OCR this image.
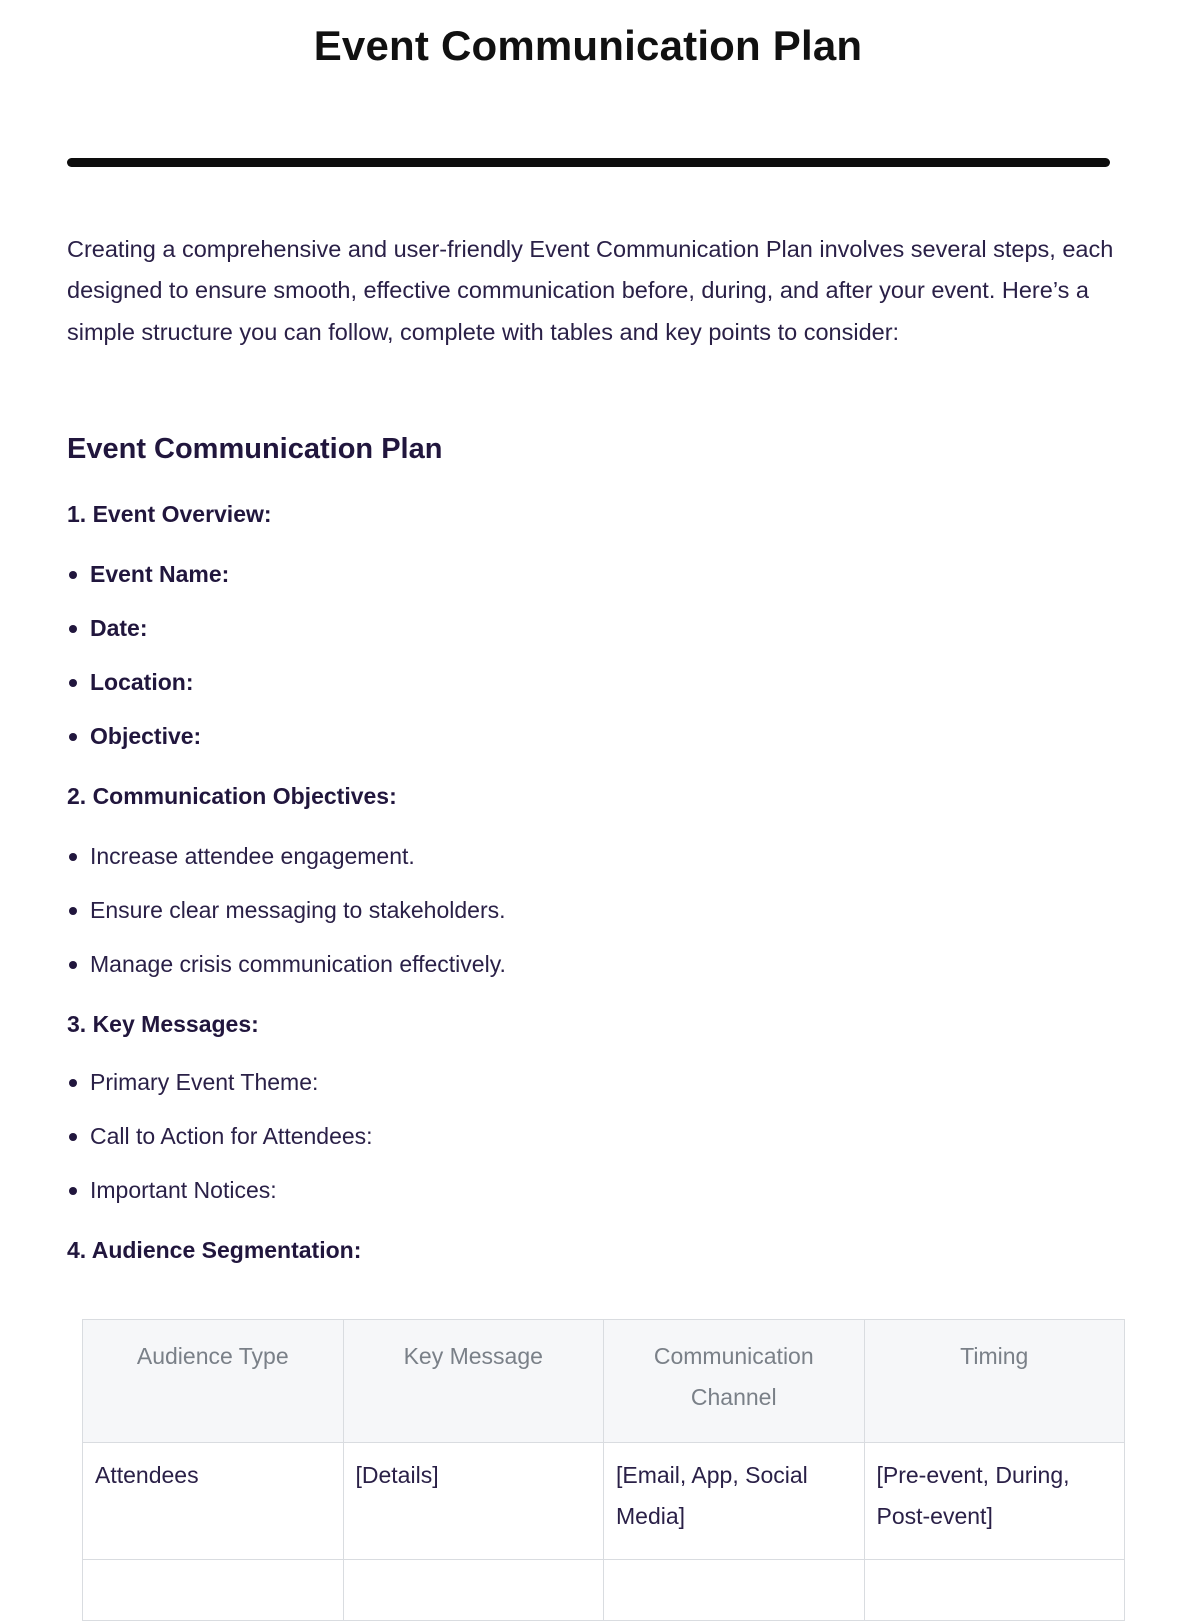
Event Communication Plan

Creating a comprehensive and user-friendly Event Communication Plan involves several steps, each designed to ensure smooth, effective communication before, during, and after your event. Here’s a simple structure you can follow, complete with tables and key points to consider:

Event Communication Plan
1. Event Overview:
Event Name:
Date:
Location:
Objective:
2. Communication Objectives:
Increase attendee engagement.
Ensure clear messaging to stakeholders.
Manage crisis communication effectively.
3. Key Messages:
Primary Event Theme:
Call to Action for Attendees:
Important Notices:
4. Audience Segmentation:
Audience Type	Key Message	Communication Channel	Timing
Attendees	[Details]	[Email, App, Social Media]	[Pre-event, During, Post-event]
